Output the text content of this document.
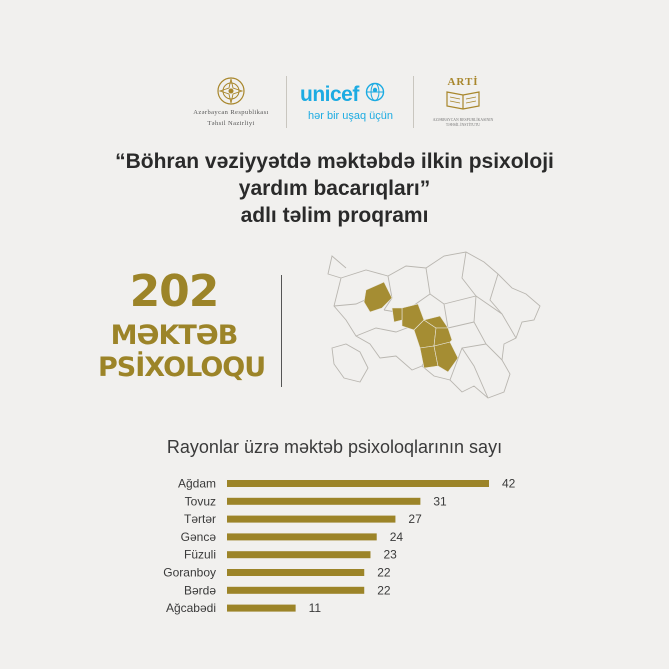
Azərbaycan Respublikası
Təhsil Nazirliyi
unicef
hər bir uşaq üçün
ARTİ
AZƏRBAYCAN RESPUBLİKASININ TƏHSİL İNSTİTUTU
“Böhran vəziyyətdə məktəbdə ilkin psixoloji
yardım bacarıqları”
adlı təlim proqramı
202
MƏKTƏB
PSİXOLOQU
Rayonlar üzrə məktəb psixoloqlarının sayı
Ağdam	42
Tovuz	31
Tərtər	27
Gəncə	24
Füzuli	23
Goranboy	22
Bərdə	22
Ağcabədi	11
